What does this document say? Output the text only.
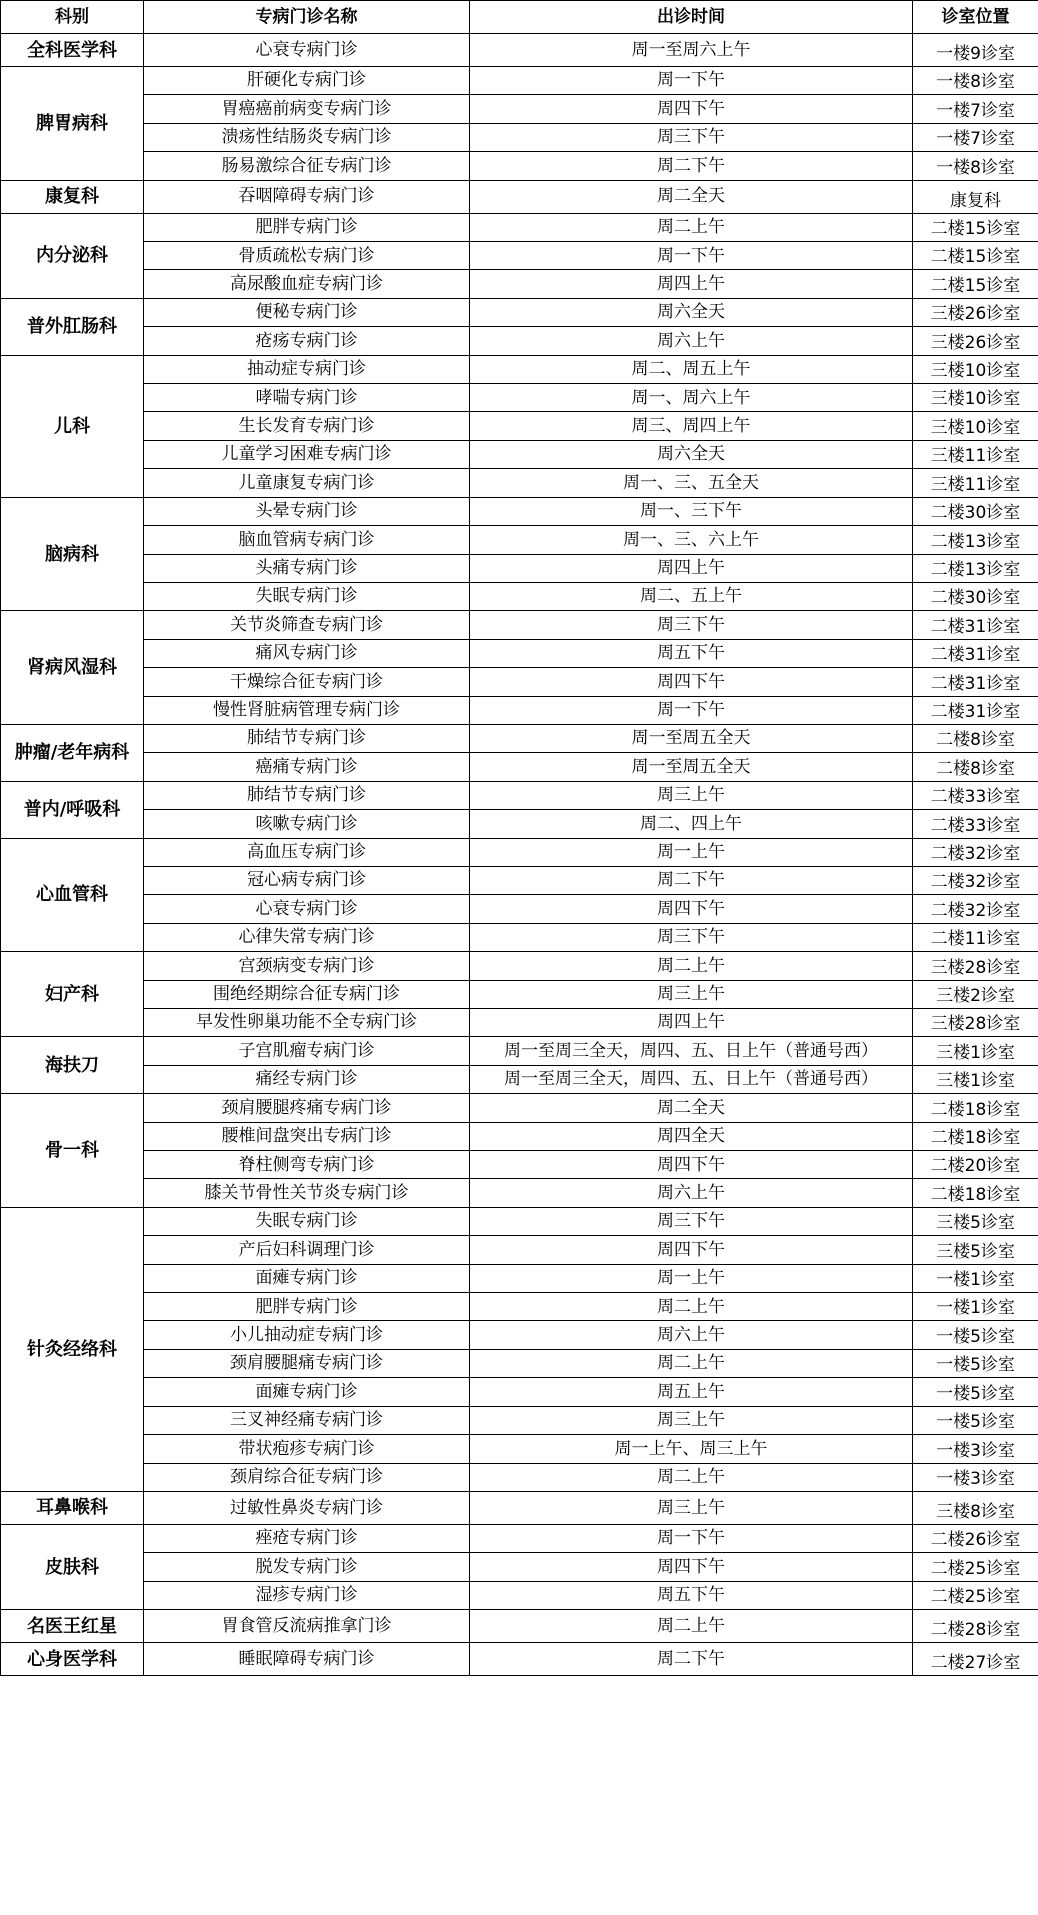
科别	专病门诊名称	出诊时间	诊室位置
全科医学科	心衰专病门诊	周一至周六上午	一楼9诊室
脾胃病科	肝硬化专病门诊	周一下午	一楼8诊室
	胃癌癌前病变专病门诊	周四下午	一楼7诊室
	溃疡性结肠炎专病门诊	周三下午	一楼7诊室
	肠易激综合征专病门诊	周二下午	一楼8诊室
康复科	吞咽障碍专病门诊	周二全天	康复科
内分泌科	肥胖专病门诊	周二上午	二楼15诊室
	骨质疏松专病门诊	周一下午	二楼15诊室
	高尿酸血症专病门诊	周四上午	二楼15诊室
普外肛肠科	便秘专病门诊	周六全天	三楼26诊室
	疮疡专病门诊	周六上午	三楼26诊室
儿科	抽动症专病门诊	周二、周五上午	三楼10诊室
	哮喘专病门诊	周一、周六上午	三楼10诊室
	生长发育专病门诊	周三、周四上午	三楼10诊室
	儿童学习困难专病门诊	周六全天	三楼11诊室
	儿童康复专病门诊	周一、三、五全天	三楼11诊室
脑病科	头晕专病门诊	周一、三下午	二楼30诊室
	脑血管病专病门诊	周一、三、六上午	二楼13诊室
	头痛专病门诊	周四上午	二楼13诊室
	失眠专病门诊	周二、五上午	二楼30诊室
肾病风湿科	关节炎筛查专病门诊	周三下午	二楼31诊室
	痛风专病门诊	周五下午	二楼31诊室
	干燥综合征专病门诊	周四下午	二楼31诊室
	慢性肾脏病管理专病门诊	周一下午	二楼31诊室
肿瘤/老年病科	肺结节专病门诊	周一至周五全天	二楼8诊室
	癌痛专病门诊	周一至周五全天	二楼8诊室
普内/呼吸科	肺结节专病门诊	周三上午	二楼33诊室
	咳嗽专病门诊	周二、四上午	二楼33诊室
心血管科	高血压专病门诊	周一上午	二楼32诊室
	冠心病专病门诊	周二下午	二楼32诊室
	心衰专病门诊	周四下午	二楼32诊室
	心律失常专病门诊	周三下午	二楼11诊室
妇产科	宫颈病变专病门诊	周二上午	三楼28诊室
	围绝经期综合征专病门诊	周三上午	三楼2诊室
	早发性卵巢功能不全专病门诊	周四上午	三楼28诊室
海扶刀	子宫肌瘤专病门诊	周一至周三全天，周四、五、日上午（普通号西）	三楼1诊室
	痛经专病门诊	周一至周三全天，周四、五、日上午（普通号西）	三楼1诊室
骨一科	颈肩腰腿疼痛专病门诊	周二全天	二楼18诊室
	腰椎间盘突出专病门诊	周四全天	二楼18诊室
	脊柱侧弯专病门诊	周四下午	二楼20诊室
	膝关节骨性关节炎专病门诊	周六上午	二楼18诊室
针灸经络科	失眠专病门诊	周三下午	三楼5诊室
	产后妇科调理门诊	周四下午	三楼5诊室
	面瘫专病门诊	周一上午	一楼1诊室
	肥胖专病门诊	周二上午	一楼1诊室
	小儿抽动症专病门诊	周六上午	一楼5诊室
	颈肩腰腿痛专病门诊	周二上午	一楼5诊室
	面瘫专病门诊	周五上午	一楼5诊室
	三叉神经痛专病门诊	周三上午	一楼5诊室
	带状疱疹专病门诊	周一上午、周三上午	一楼3诊室
	颈肩综合征专病门诊	周二上午	一楼3诊室
耳鼻喉科	过敏性鼻炎专病门诊	周三上午	三楼8诊室
皮肤科	痤疮专病门诊	周一下午	二楼26诊室
	脱发专病门诊	周四下午	二楼25诊室
	湿疹专病门诊	周五下午	二楼25诊室
名医王红星	胃食管反流病推拿门诊	周二上午	二楼28诊室
心身医学科	睡眠障碍专病门诊	周二下午	二楼27诊室
